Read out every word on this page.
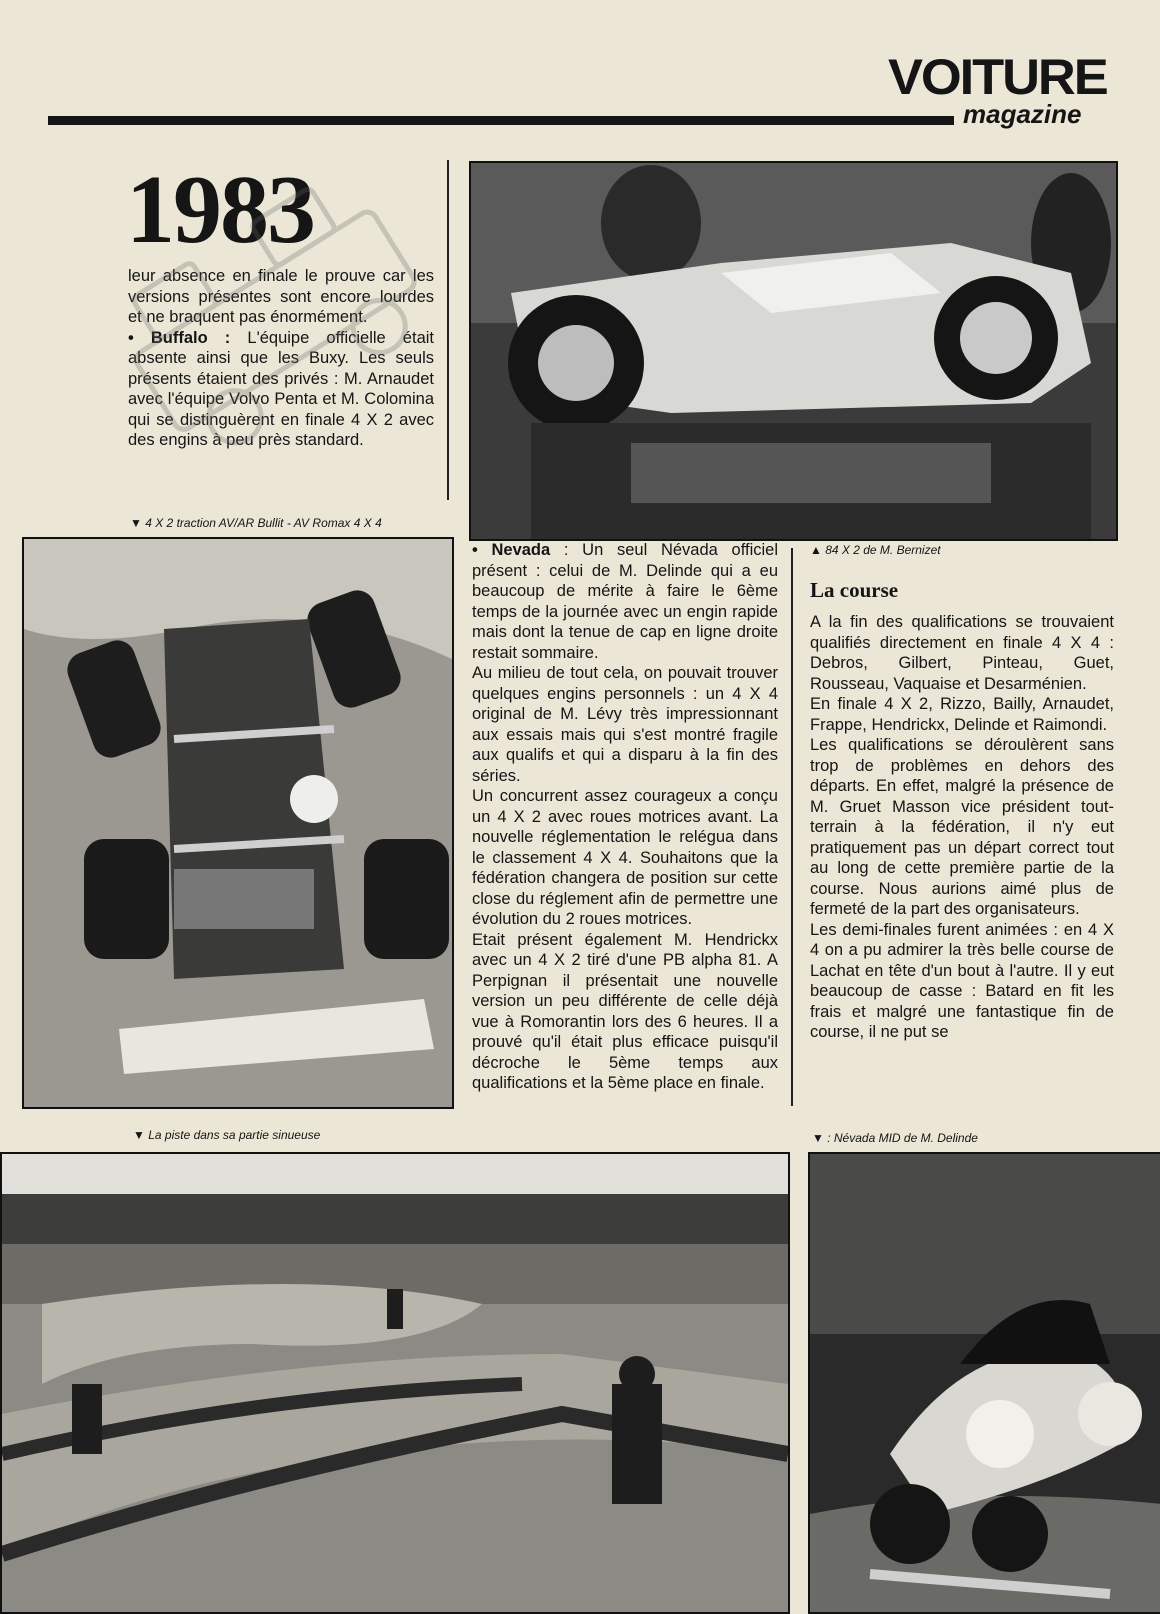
VOITURE
magazine
1983

leur absence en finale le prouve car les versions présentes sont encore lourdes et ne braquent pas énormément.

• Buffalo : L'équipe officielle était absente ainsi que les Buxy. Les seuls présents étaient des privés : M. Arnaudet avec l'équipe Volvo Penta et M. Colomina qui se distinguèrent en finale 4 X 2 avec des engins à peu près standard.

▼ 4 X 2 traction AV/AR Bullit - AV Romax 4 X 4
▲ 84 X 2 de M. Bernizet

• Nevada : Un seul Névada officiel présent : celui de M. Delinde qui a eu beaucoup de mérite à faire le 6ème temps de la journée avec un engin rapide mais dont la tenue de cap en ligne droite restait sommaire.

Au milieu de tout cela, on pouvait trouver quelques engins personnels : un 4 X 4 original de M. Lévy très impressionnant aux essais mais qui s'est montré fragile aux qualifs et qui a disparu à la fin des séries.

Un concurrent assez courageux a conçu un 4 X 2 avec roues motrices avant. La nouvelle réglementation le relégua dans le classement 4 X 4. Souhaitons que la fédération changera de position sur cette close du réglement afin de permettre une évolution du 2 roues motrices.

Etait présent également M. Hendrickx avec un 4 X 2 tiré d'une PB alpha 81. A Perpignan il présentait une nouvelle version un peu différente de celle déjà vue à Romorantin lors des 6 heures. Il a prouvé qu'il était plus efficace puisqu'il décroche le 5ème temps aux qualifications et la 5ème place en finale.

La course

A la fin des qualifications se trouvaient qualifiés directement en finale 4 X 4 : Debros, Gilbert, Pinteau, Guet, Rousseau, Vaquaise et Desarménien.

En finale 4 X 2, Rizzo, Bailly, Arnaudet, Frappe, Hendrickx, Delinde et Raimondi.

Les qualifications se déroulèrent sans trop de problèmes en dehors des départs. En effet, malgré la présence de M. Gruet Masson vice président tout-terrain à la fédération, il n'y eut pratiquement pas un départ correct tout au long de cette première partie de la course. Nous aurions aimé plus de fermeté de la part des organisateurs.

Les demi-finales furent animées : en 4 X 4 on a pu admirer la très belle course de Lachat en tête d'un bout à l'autre. Il y eut beaucoup de casse : Batard en fit les frais et malgré une fantastique fin de course, il ne put se

▼ La piste dans sa partie sinueuse	▼ : Névada MID de M. Delinde
